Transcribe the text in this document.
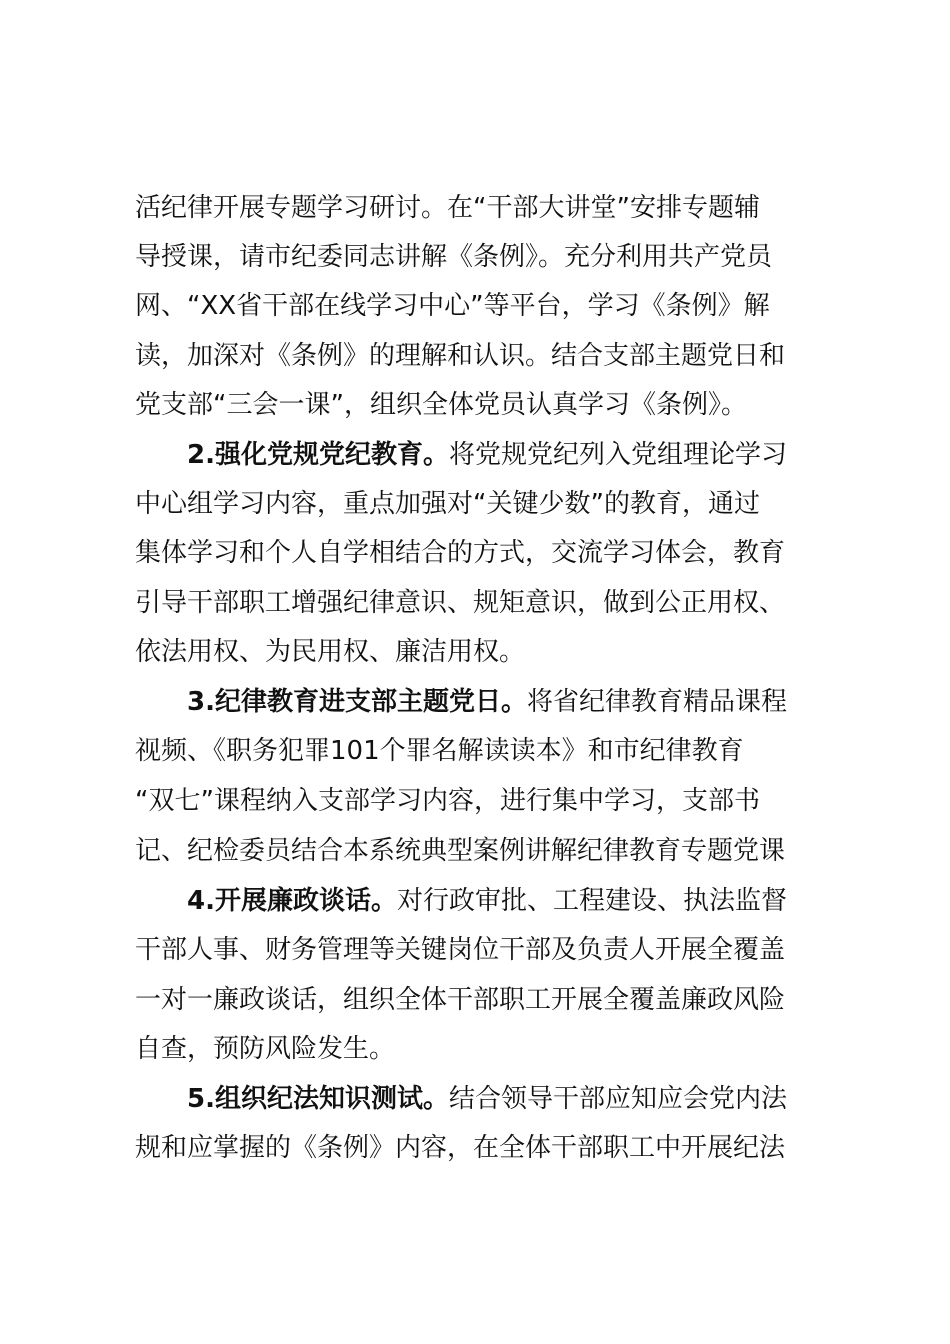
活纪律开展专题学习研讨。在“干部大讲堂”安排专题辅
导授课，请市纪委同志讲解《条例》。充分利用共产党员
网、“XX省干部在线学习中心”等平台，学习《条例》解
读，加深对《条例》的理解和认识。结合支部主题党日和
党支部“三会一课”，组织全体党员认真学习《条例》。
2.强化党规党纪教育。将党规党纪列入党组理论学习
中心组学习内容，重点加强对“关键少数”的教育，通过
集体学习和个人自学相结合的方式，交流学习体会，教育
引导干部职工增强纪律意识、规矩意识，做到公正用权、
依法用权、为民用权、廉洁用权。
3.纪律教育进支部主题党日。将省纪律教育精品课程
视频、《职务犯罪101个罪名解读读本》和市纪律教育
“双七”课程纳入支部学习内容，进行集中学习，支部书
记、纪检委员结合本系统典型案例讲解纪律教育专题党课
4.开展廉政谈话。对行政审批、工程建设、执法监督
干部人事、财务管理等关键岗位干部及负责人开展全覆盖
一对一廉政谈话，组织全体干部职工开展全覆盖廉政风险
自查，预防风险发生。
5.组织纪法知识测试。结合领导干部应知应会党内法
规和应掌握的《条例》内容，在全体干部职工中开展纪法
